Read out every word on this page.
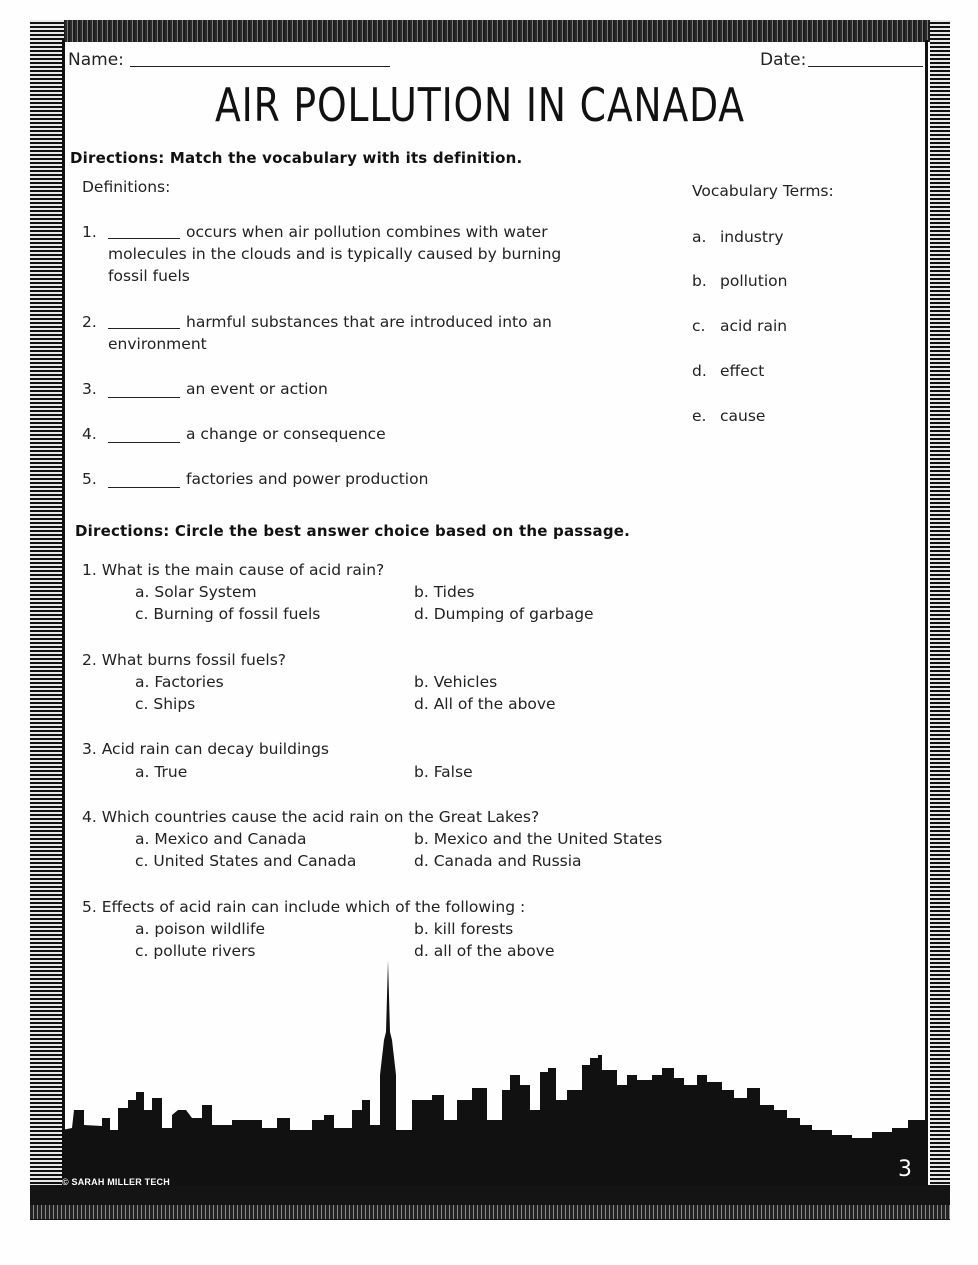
Name:	Date:
AIR POLLUTION IN CANADA
Directions: Match the vocabulary with its definition.
Definitions:	Vocabulary Terms:
1.	occurs when air pollution combines with water
molecules in the clouds and is typically caused by burning
fossil fuels
2.	harmful substances that are introduced into an
environment
3.	an event or action
4.	a change or consequence
5.	factories and power production
a. industry
b. pollution
c. acid rain
d. effect
e. cause
Directions: Circle the best answer choice based on the passage.
1. What is the main cause of acid rain?
a. Solar System	b. Tides
c. Burning of fossil fuels	d. Dumping of garbage
2. What burns fossil fuels?
a. Factories	b. Vehicles
c. Ships	d. All of the above
3. Acid rain can decay buildings
a. True	b. False
4. Which countries cause the acid rain on the Great Lakes?
a. Mexico and Canada	b. Mexico and the United States
c. United States and Canada	d. Canada and Russia
5. Effects of acid rain can include which of the following :
a. poison wildlife	b. kill forests
c. pollute rivers	d. all of the above
© SARAH MILLER TECH	3
